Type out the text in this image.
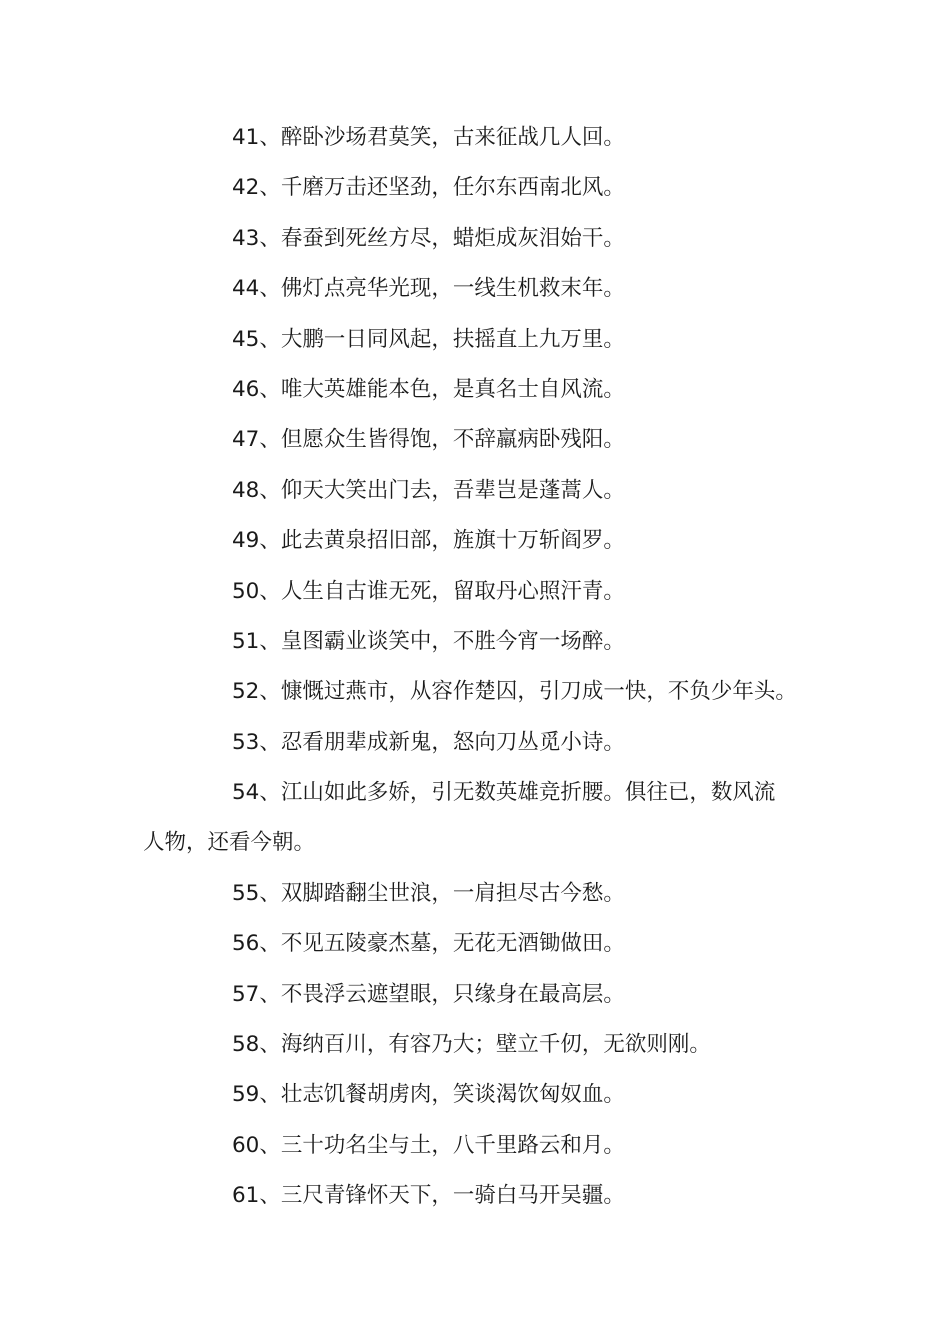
41、醉卧沙场君莫笑，古来征战几人回。
42、千磨万击还坚劲，任尔东西南北风。
43、春蚕到死丝方尽，蜡炬成灰泪始干。
44、佛灯点亮华光现，一线生机救末年。
45、大鹏一日同风起，扶摇直上九万里。
46、唯大英雄能本色，是真名士自风流。
47、但愿众生皆得饱，不辞羸病卧残阳。
48、仰天大笑出门去，吾辈岂是蓬蒿人。
49、此去黄泉招旧部，旌旗十万斩阎罗。
50、人生自古谁无死，留取丹心照汗青。
51、皇图霸业谈笑中，不胜今宵一场醉。
52、慷慨过燕市，从容作楚囚，引刀成一快，不负少年头。
53、忍看朋辈成新鬼，怒向刀丛觅小诗。
54、江山如此多娇，引无数英雄竞折腰。俱往已，数风流
人物，还看今朝。
55、双脚踏翻尘世浪，一肩担尽古今愁。
56、不见五陵豪杰墓，无花无酒锄做田。
57、不畏浮云遮望眼，只缘身在最高层。
58、海纳百川，有容乃大；壁立千仞，无欲则刚。
59、壮志饥餐胡虏肉，笑谈渴饮匈奴血。
60、三十功名尘与土，八千里路云和月。
61、三尺青锋怀天下，一骑白马开吴疆。
